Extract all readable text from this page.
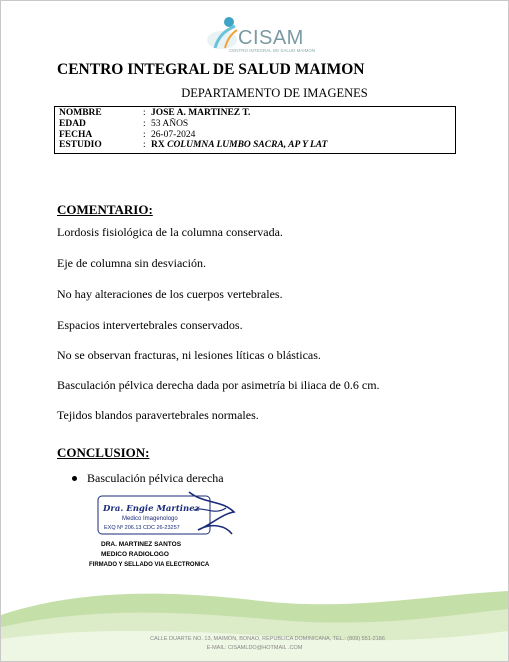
CISAM
CENTRO INTEGRAL DE SALUD MAIMON
CENTRO INTEGRAL DE SALUD MAIMON
DEPARTAMENTO DE IMAGENES
NOMBRE	: JOSE A. MARTINEZ T.
EDAD	: 53 AÑOS
FECHA	: 26-07-2024
ESTUDIO	: RX COLUMNA LUMBO SACRA, AP Y LAT
COMENTARIO:
Lordosis fisiológica de la columna conservada.
Eje de columna sin desviación.
No hay alteraciones de los cuerpos vertebrales.
Espacios intervertebrales conservados.
No se observan fracturas, ni lesiones líticas o blásticas.
Basculación pélvica derecha dada por asimetría bi iliaca de 0.6 cm.
Tejidos blandos paravertebrales normales.
CONCLUSION:
Basculación pélvica derecha
Dra. Engie Martinez
Medico Imagenologo
EXQ Nº 206.13 CDC 26-23257
DRA. MARTINEZ SANTOS
MEDICO RADIOLOGO
FIRMADO Y SELLADO VIA ELECTRONICA
CALLE DUARTE NO. 13, MAIMÓN, BONAO, REPUBLICA DOMINICANA, TEL.: (809) 551-2186
E-MAIL: CISAMLDO@HOTMAIL .COM
